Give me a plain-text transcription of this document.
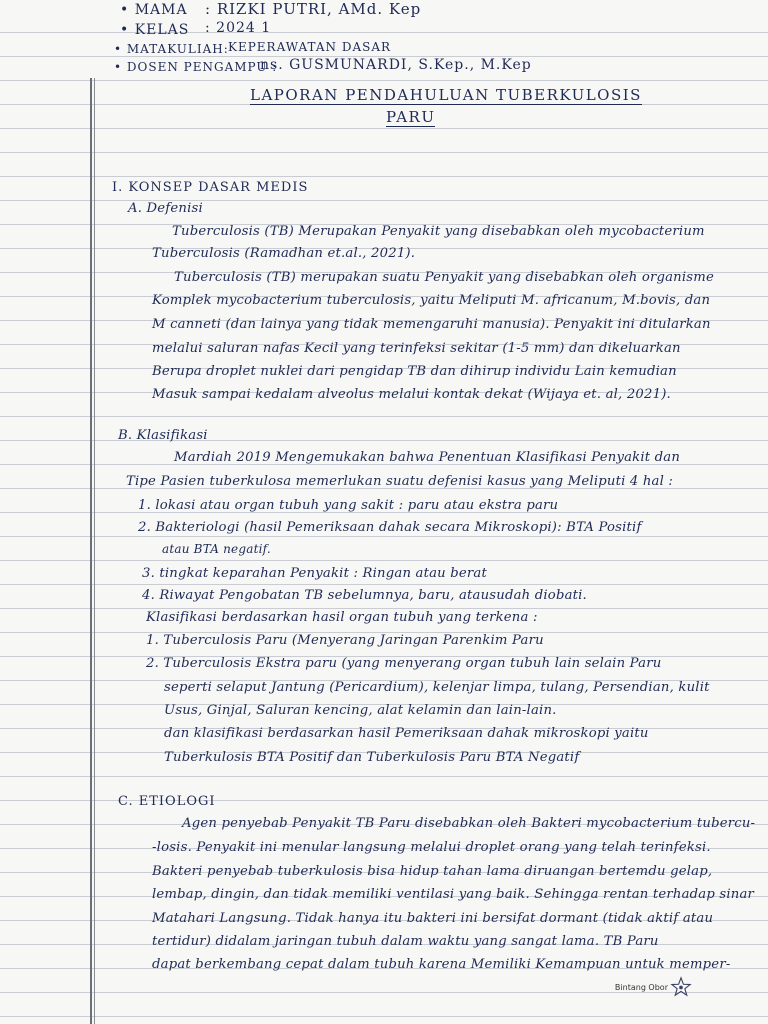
• MAMA : RIZKI PUTRI, AMd. Kep
• KELAS : 2024 1
• MATAKULIAH: KEPERAWATAN DASAR
• DOSEN PENGAMPU :
ns. GUSMUNARDI, S.Kep., M.Kep
LAPORAN PENDAHULUAN TUBERKULOSIS
PARU
I. KONSEP DASAR MEDIS
A. Defenisi
Tuberculosis (TB) Merupakan Penyakit yang disebabkan oleh mycobacterium
Tuberculosis (Ramadhan et.al., 2021).
Tuberculosis (TB) merupakan suatu Penyakit yang disebabkan oleh organisme
Komplek mycobacterium tuberculosis, yaitu Meliputi M. africanum, M.bovis, dan
M canneti (dan lainya yang tidak memengaruhi manusia). Penyakit ini ditularkan
melalui saluran nafas Kecil yang terinfeksi sekitar (1-5 mm) dan dikeluarkan
Berupa droplet nuklei dari pengidap TB dan dihirup individu Lain kemudian
Masuk sampai kedalam alveolus melalui kontak dekat (Wijaya et. al, 2021).
B. Klasifikasi
Mardiah 2019 Mengemukakan bahwa Penentuan Klasifikasi Penyakit dan
Tipe Pasien tuberkulosa memerlukan suatu defenisi kasus yang Meliputi 4 hal :
1. lokasi atau organ tubuh yang sakit : paru atau ekstra paru
2. Bakteriologi (hasil Pemeriksaan dahak secara Mikroskopi): BTA Positif
atau BTA negatif.
3. tingkat keparahan Penyakit : Ringan atau berat
4. Riwayat Pengobatan TB sebelumnya, baru, atausudah diobati.
Klasifikasi berdasarkan hasil organ tubuh yang terkena :
1. Tuberculosis Paru (Menyerang Jaringan Parenkim Paru
2. Tuberculosis Ekstra paru (yang menyerang organ tubuh lain selain Paru
seperti selaput Jantung (Pericardium), kelenjar limpa, tulang, Persendian, kulit
Usus, Ginjal, Saluran kencing, alat kelamin dan lain-lain.
dan klasifikasi berdasarkan hasil Pemeriksaan dahak mikroskopi yaitu
Tuberkulosis BTA Positif dan Tuberkulosis Paru BTA Negatif
C. ETIOLOGI
Agen penyebab Penyakit TB Paru disebabkan oleh Bakteri mycobacterium tubercu-
-losis. Penyakit ini menular langsung melalui droplet orang yang telah terinfeksi.
Bakteri penyebab tuberkulosis bisa hidup tahan lama diruangan bertemdu gelap,
lembap, dingin, dan tidak memiliki ventilasi yang baik. Sehingga rentan terhadap sinar
Matahari Langsung. Tidak hanya itu bakteri ini bersifat dormant (tidak aktif atau
tertidur) didalam jaringan tubuh dalam waktu yang sangat lama. TB Paru
dapat berkembang cepat dalam tubuh karena Memiliki Kemampuan untuk memper-
Bintang Obor
